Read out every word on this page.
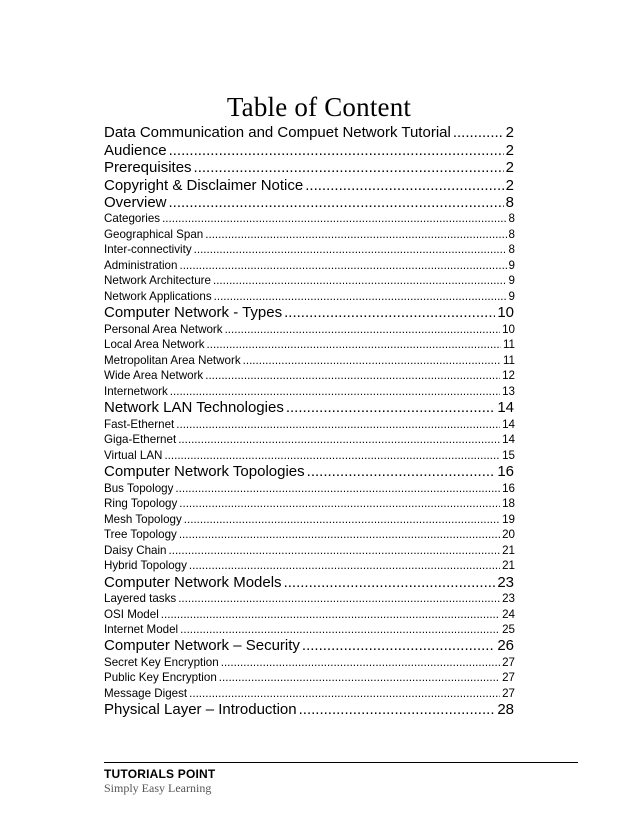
Table of Content
Data Communication and Compuet Network Tutorial .....	2
Audience .....	2
Prerequisites .....	2
Copyright & Disclaimer Notice .....	2
Overview .....	8
Categories .....	8
Geographical Span .....	8
Inter-connectivity .....	8
Administration .....	9
Network Architecture .....	9
Network Applications .....	9
Computer Network - Types .....	10
Personal Area Network .....	10
Local Area Network .....	11
Metropolitan Area Network .....	11
Wide Area Network .....	12
Internetwork .....	13
Network LAN Technologies .....	14
Fast-Ethernet .....	14
Giga-Ethernet .....	14
Virtual LAN .....	15
Computer Network Topologies .....	16
Bus Topology .....	16
Ring Topology .....	18
Mesh Topology .....	19
Tree Topology .....	20
Daisy Chain .....	21
Hybrid Topology .....	21
Computer Network Models .....	23
Layered tasks .....	23
OSI Model .....	24
Internet Model .....	25
Computer Network – Security .....	26
Secret Key Encryption .....	27
Public Key Encryption .....	27
Message Digest .....	27
Physical Layer – Introduction .....	28
TUTORIALS POINT
Simply Easy Learning
